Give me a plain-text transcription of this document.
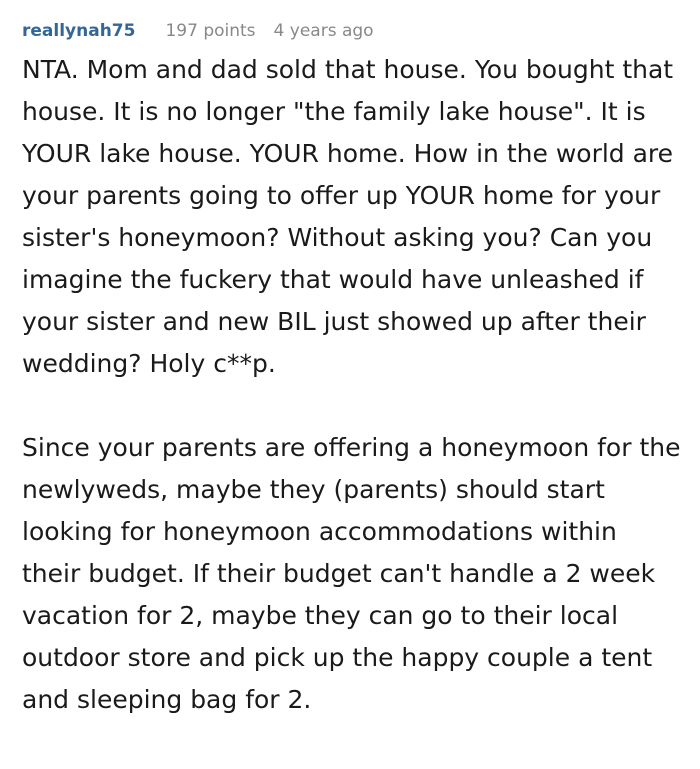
reallynah75 197 points 4 years ago

NTA. Mom and dad sold that house. You bought that house. It is no longer "the family lake house". It is YOUR lake house. YOUR home. How in the world are your parents going to offer up YOUR home for your sister's honeymoon? Without asking you? Can you imagine the fuckery that would have unleashed if your sister and new BIL just showed up after their wedding? Holy c**p.

Since your parents are offering a honeymoon for the newlyweds, maybe they (parents) should start looking for honeymoon accommodations within their budget. If their budget can't handle a 2 week vacation for 2, maybe they can go to their local outdoor store and pick up the happy couple a tent and sleeping bag for 2.
